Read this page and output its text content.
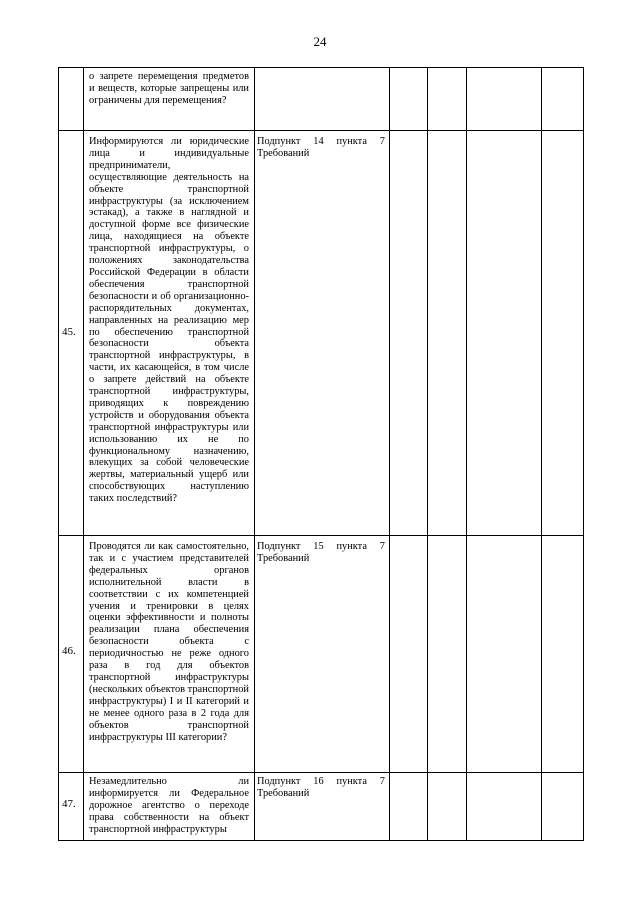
24
о запрете перемещения предметов и веществ, которые запрещены или ограничены для перемещения?
45.
Информируются ли юридические лица и индивидуальные предприниматели, осуществляющие деятельность на объекте транспортной инфраструктуры (за исключением эстакад), а также в наглядной и доступной форме все физические лица, находящиеся на объекте транспортной инфраструктуры, о положениях законодательства Российской Федерации в области обеспечения транспортной безопасности и об организационно-распорядительных документах, направленных на реализацию мер по обеспечению транспортной безопасности объекта транспортной инфраструктуры, в части, их касающейся, в том числе о запрете действий на объекте транспортной инфраструктуры, приводящих к повреждению устройств и оборудования объекта транспортной инфраструктуры или использованию их не по функциональному назначению, влекущих за собой человеческие жертвы, материальный ущерб или способствующих наступлению таких последствий?
Подпункт 14 пункта 7
Требований
46.
Проводятся ли как самостоятельно, так и с участием представителей федеральных органов исполнительной власти в соответствии с их компетенцией учения и тренировки в целях оценки эффективности и полноты реализации плана обеспечения безопасности объекта с периодичностью не реже одного раза в год для объектов транспортной инфраструктуры (нескольких объектов транспортной инфраструктуры) I и II категорий и не менее одного раза в 2 года для объектов транспортной инфраструктуры III категории?
Подпункт 15 пункта 7
Требований
47.
Незамедлительно ли информируется ли Федеральное дорожное агентство о переходе права собственности на объект транспортной инфраструктуры
Подпункт 16 пункта 7
Требований
